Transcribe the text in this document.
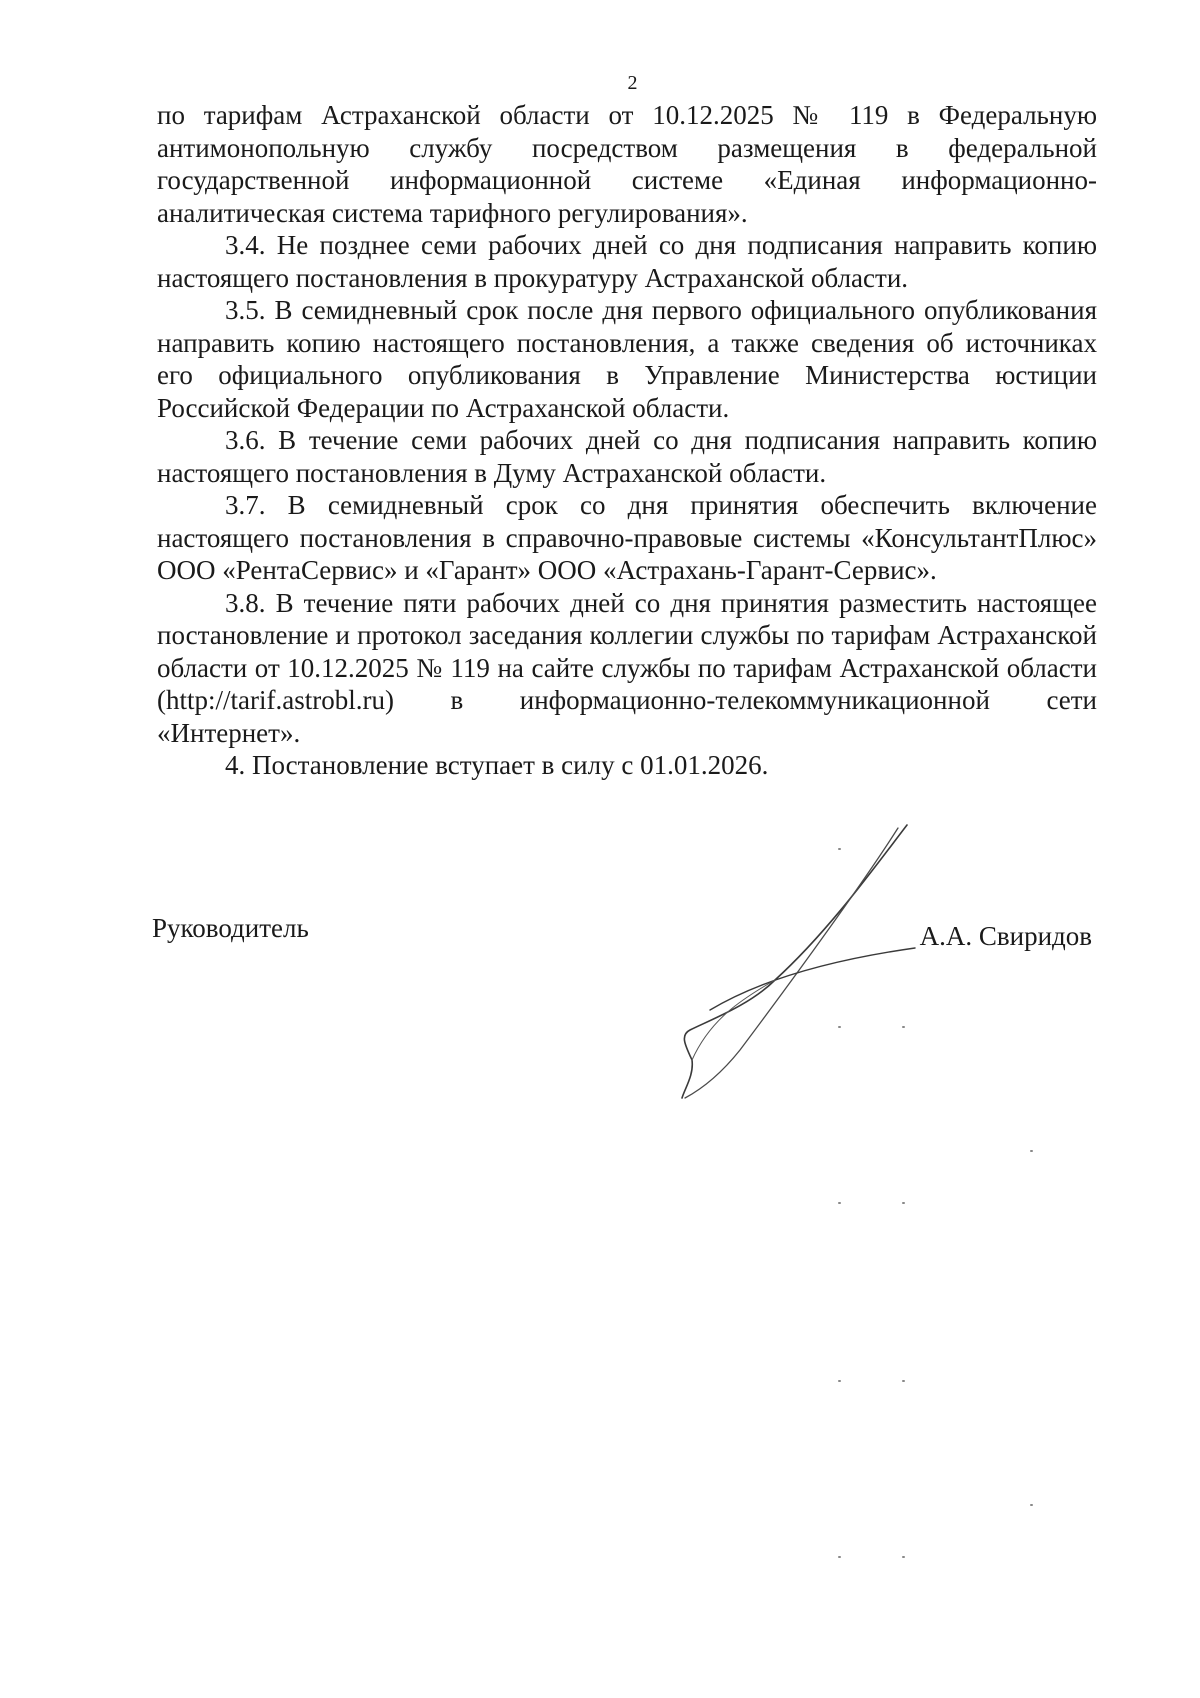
2

по тарифам Астраханской области от 10.12.2025 № 119 в Федеральную антимонопольную службу посредством размещения в федеральной государственной информационной системе «Единая информационно-аналитическая система тарифного регулирования».

3.4. Не позднее семи рабочих дней со дня подписания направить копию настоящего постановления в прокуратуру Астраханской области.

3.5. В семидневный срок после дня первого официального опубликования направить копию настоящего постановления, а также сведения об источниках его официального опубликования в Управление Министерства юстиции Российской Федерации по Астраханской области.

3.6. В течение семи рабочих дней со дня подписания направить копию настоящего постановления в Думу Астраханской области.

3.7. В семидневный срок со дня принятия обеспечить включение настоящего постановления в справочно-правовые системы «КонсультантПлюс» ООО «РентаСервис» и «Гарант» ООО «Астрахань-Гарант-Сервис».

3.8. В течение пяти рабочих дней со дня принятия разместить настоящее постановление и протокол заседания коллегии службы по тарифам Астраханской области от 10.12.2025 № 119 на сайте службы по тарифам Астраханской области (http://tarif.astrobl.ru) в информационно-телекоммуникационной сети «Интернет».

4. Постановление вступает в силу с 01.01.2026.

Руководитель	А.А. Свиридов
